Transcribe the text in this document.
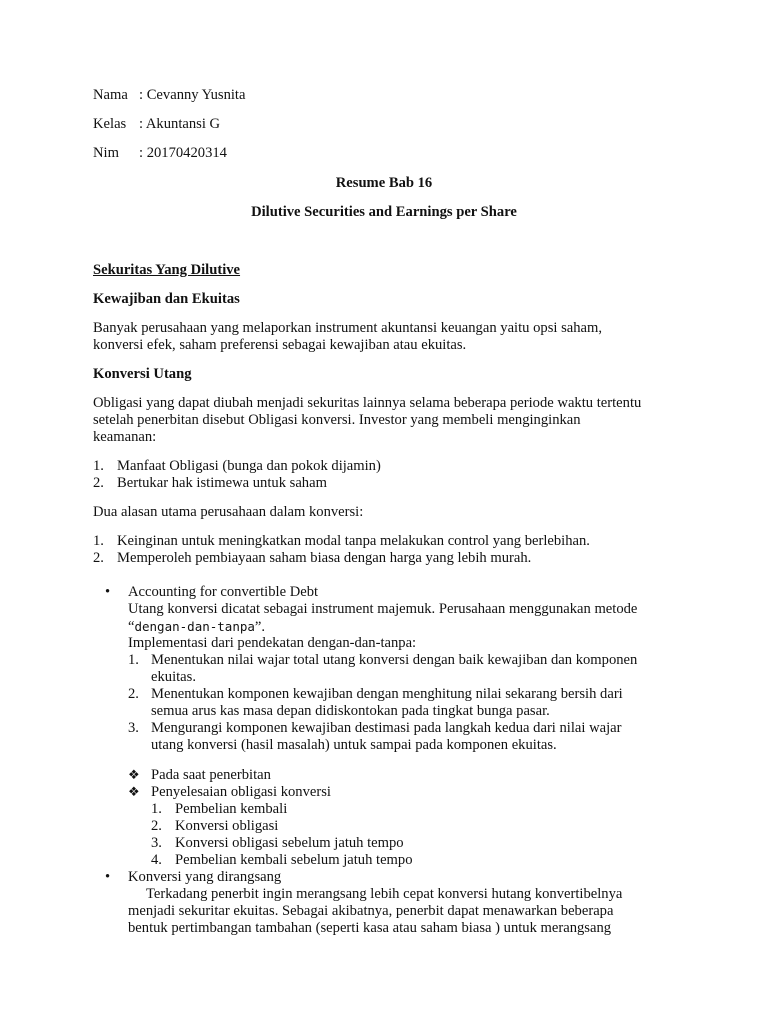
Nama : Cevanny Yusnita
Kelas : Akuntansi G
Nim : 20170420314
Resume Bab 16
Dilutive Securities and Earnings per Share
Sekuritas Yang Dilutive
Kewajiban dan Ekuitas
Banyak perusahaan yang melaporkan instrument akuntansi keuangan yaitu opsi saham,
konversi efek, saham preferensi sebagai kewajiban atau ekuitas.
Konversi Utang
Obligasi yang dapat diubah menjadi sekuritas lainnya selama beberapa periode waktu tertentu
setelah penerbitan disebut Obligasi konversi. Investor yang membeli menginginkan
keamanan:
1. Manfaat Obligasi (bunga dan pokok dijamin)
2. Bertukar hak istimewa untuk saham
Dua alasan utama perusahaan dalam konversi:
1. Keinginan untuk meningkatkan modal tanpa melakukan control yang berlebihan.
2. Memperoleh pembiayaan saham biasa dengan harga yang lebih murah.
• Accounting for convertible Debt
Utang konversi dicatat sebagai instrument majemuk. Perusahaan menggunakan metode
“dengan-dan-tanpa”.
Implementasi dari pendekatan dengan-dan-tanpa:
1. Menentukan nilai wajar total utang konversi dengan baik kewajiban dan komponen
ekuitas.
2. Menentukan komponen kewajiban dengan menghitung nilai sekarang bersih dari
semua arus kas masa depan didiskontokan pada tingkat bunga pasar.
3. Mengurangi komponen kewajiban destimasi pada langkah kedua dari nilai wajar
utang konversi (hasil masalah) untuk sampai pada komponen ekuitas.
❖ Pada saat penerbitan
❖ Penyelesaian obligasi konversi
1. Pembelian kembali
2. Konversi obligasi
3. Konversi obligasi sebelum jatuh tempo
4. Pembelian kembali sebelum jatuh tempo
• Konversi yang dirangsang
Terkadang penerbit ingin merangsang lebih cepat konversi hutang konvertibelnya
menjadi sekuritar ekuitas. Sebagai akibatnya, penerbit dapat menawarkan beberapa
bentuk pertimbangan tambahan (seperti kasa atau saham biasa ) untuk merangsang
